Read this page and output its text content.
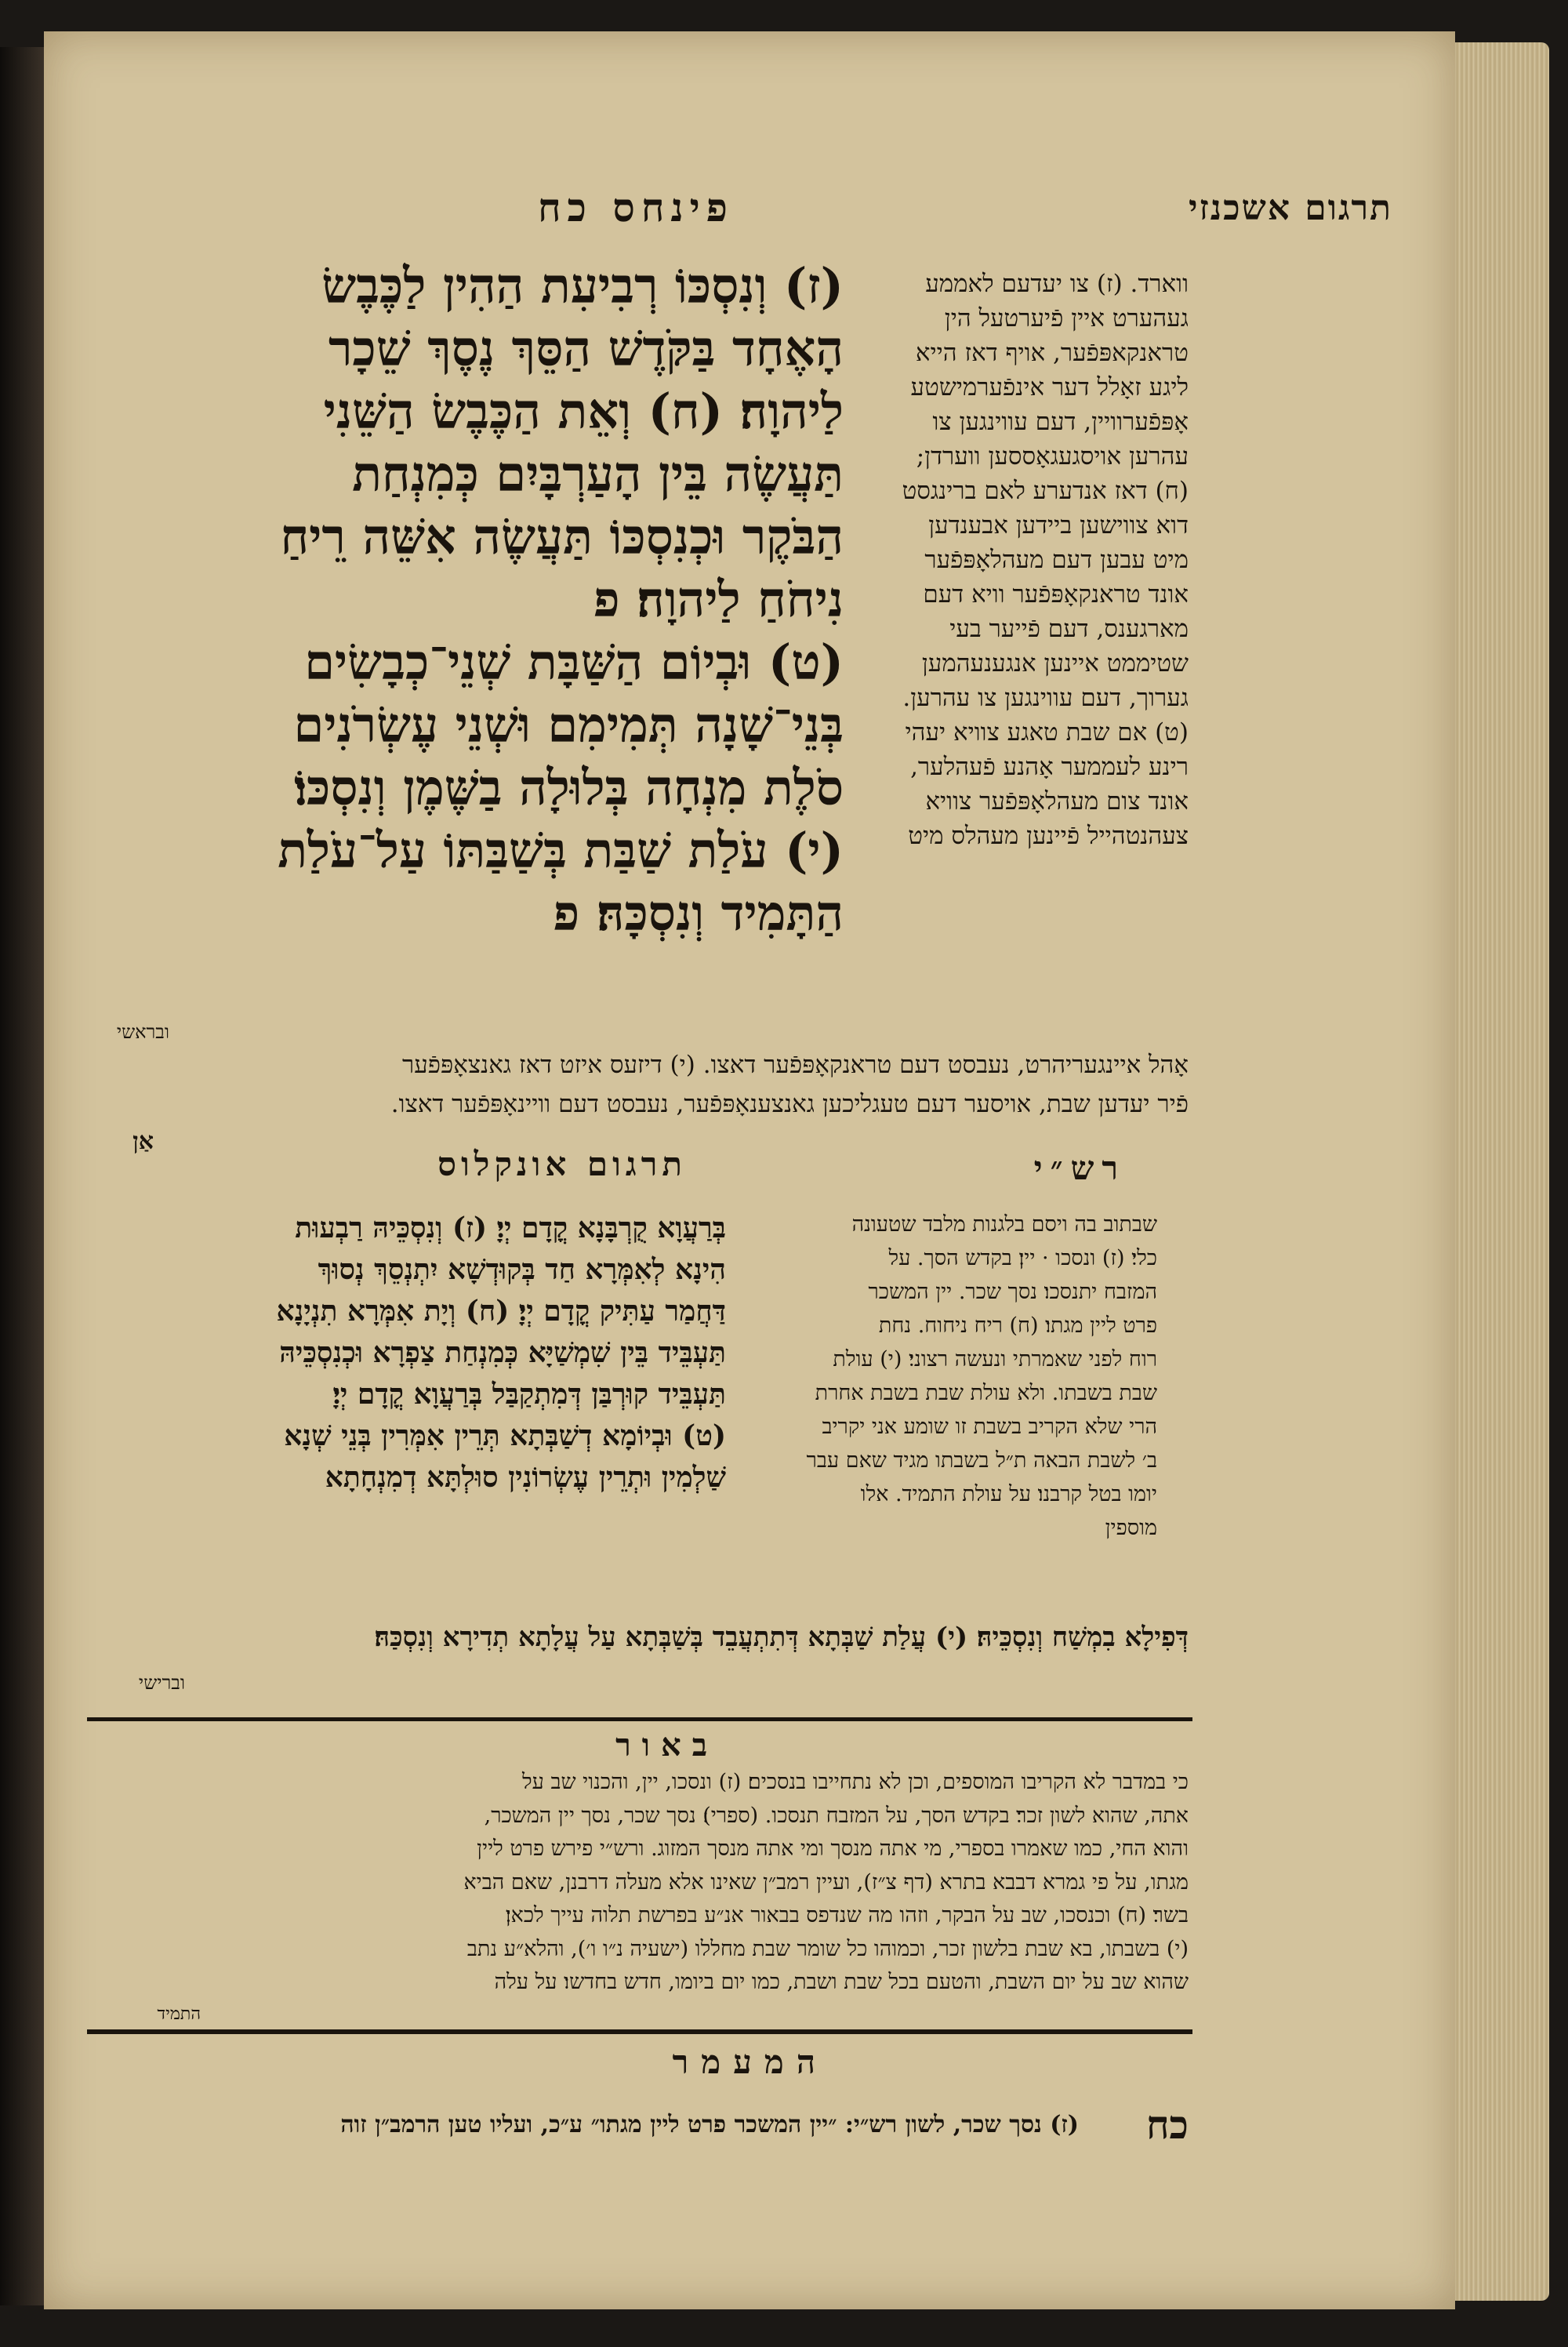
פינחס כח	תרגום אשכנזי
(ז) וְנִסְכּוֹ רְבִיעִת הַהִין לַכֶּבֶשׂ
הָאֶחָד בַּקֹּדֶשׁ הַסֵּךְ נֶסֶךְ שֵׁכָר
לַיהוָה׃ (ח) וְאֵת הַכֶּבֶשׂ הַשֵּׁנִי
תַּעֲשֶׂה בֵּין הָעַרְבָּיִם כְּמִנְחַת
הַבֹּקֶר וּכְנִסְכּוֹ תַּעֲשֶׂה אִשֵּׁה רֵיחַ
נִיחֹחַ לַיהוָה׃ פ
(ט) וּבְיוֹם הַשַּׁבָּת שְׁנֵי־כְבָשִׂים
בְּנֵי־שָׁנָה תְּמִימִם וּשְׁנֵי עֶשְׂרֹנִים
סֹלֶת מִנְחָה בְּלוּלָה בַשֶּׁמֶן וְנִסְכּוֹ׃
(י) עֹלַת שַׁבַּת בְּשַׁבַּתּוֹ עַל־עֹלַת
הַתָּמִיד וְנִסְכָּהּ׃ פ
ובראשי
ווארד. (ז) צו יעדעם לאממע
געהערט איין פֿיערטעל הין
טראנקאפּפֿער, אויף דאז הייא
ליגע זאָלל דער אינפֿערמישטע
אָפּפֿערוויין, דעם עווינגען צו
עהרען אויסגעגאָססען ווערדן;
(ח) דאז אנדערע לאם ברינגסט
דוא צווישען ביידען אבענדען
מיט עבען דעם מעהלאָפּפֿער
אונד טראנקאָפּפֿער וויא דעם
מארגענס, דעם פֿייער בעי
שטיממט איינען אנגענעהמען
גערוך, דעם עווינגען צו עהרען.
(ט) אם שבת טאגע צוויא יעהי
רינע לעממער אָהנע פֿעהלער,
אונד צום מעהלאָפּפֿער צוויא
צעהנטהייל פֿיינען מעהלס מיט
אָהל איינגעריהרט, נעבסט דעם טראנקאָפּפֿער דאצו. (י) דיזעס איזט דאז גאנצאָפּפֿער
פֿיר יעדען שבת, אויסער דעם טעגליכען גאנצענאָפּפֿער, נעבסט דעם וויינאָפּפֿער דאצו.
אַן
תרגום אונקלוס
בְּרַעֲוָא קֻרְבָּנָא קֳדָם יְיָ׃ (ז) וְנִסְכֵּיהּ רַבְעוּת
הִינָא לְאִמְּרָא חַד בְּקוּדְשָׁא יִתְנְסֵךְ נְסוּךְ
דַּחֲמַר עַתִּיק קֳדָם יְיָ׃ (ח) וְיָת אִמְּרָא תִנְיָנָא
תַּעְבֵּיד בֵּין שִׁמְשַׁיָּא כְּמִנְחַת צַפְרָא וּכְנִסְכֵּיהּ
תַּעְבֵּיד קוּרְבַּן דְּמִתְקַבַּל בְּרַעֲוָא קֳדָם יְיָ׃
(ט) וּבְיוֹמָא דְשַׁבְּתָא תְּרֵין אִמְּרִין בְּנֵי שְׁנָא
שַׁלְמִין וּתְרֵין עֶשְׂרוֹנִין סוּלְתָּא דְמִנְחָתָא
רש״י
שבתוב בה ויסם בלגנות מלבד שטעונה
כלי׃ (ז) ונסכו · יין׃ בקדש הסך. על
המזבח יתנסכו׃ נסך שכר. יין המשכר
פרט ליין מגתו׃ (ח) ריח ניחוח. נחת
רוח לפני שאמרתי ונעשה רצוני׃ (י) עולת
שבת בשבתו. ולא עולת שבת בשבת אחרת
הרי שלא הקריב בשבת זו שומע אני יקריב
ב׳ לשבת הבאה ת״ל בשבתו מגיד שאם עבר
יומו בטל קרבנו׃ על עולת התמיד. אלו
מוספין
דְּפִילָא בִמְשַׁח וְנִסְכֵּיהּ׃ (י) עֲלַת שַׁבְּתָא דְּתִתְעֲבֵד בְּשַׁבְּתָא עַל עֲלָתָא תְדִירָא וְנִסְכַּהּ׃
וברישי
באור
כי במדבר לא הקריבו המוספים, וכן לא נתחייבו בנסכים׃ (ז) ונסכו, יין, והכנוי שב על
אתה, שהוא לשון זכר׃ בקדש הסך, על המזבח תנסכו. (ספרי)׃ נסך שכר, נסך יין המשכר,
והוא החי, כמו שאמרו בספרי, מי אתה מנסך ומי אתה מנסך המזוג. ורש״י פירש פרט ליין
מגתו, על פי גמרא דבבא בתרא (דף צ״ז), ועיין רמב״ן שאינו אלא מעלה דרבנן, שאם הביא
בשר׃ (ח) וכנסכו, שב על הבקר, וזהו מה שנדפס בבאור אנ״ע בפרשת תלוה עייך לכאן׃
(י) בשבתו, בא שבת בלשון זכר, וכמוהו כל שומר שבת מחללו (ישעיה נ״ו ו׳), והלא״ע נתב
שהוא שב על יום השבת, והטעם בכל שבת ושבת, כמו יום ביומו, חדש בחדשו׃ על עלה
התמיד
המעמר
כח
(ז) נסך שכר, לשון רש״י: ״יין המשכר פרט ליין מגתו״ ע״כ, ועליו טען הרמב״ן זוה
